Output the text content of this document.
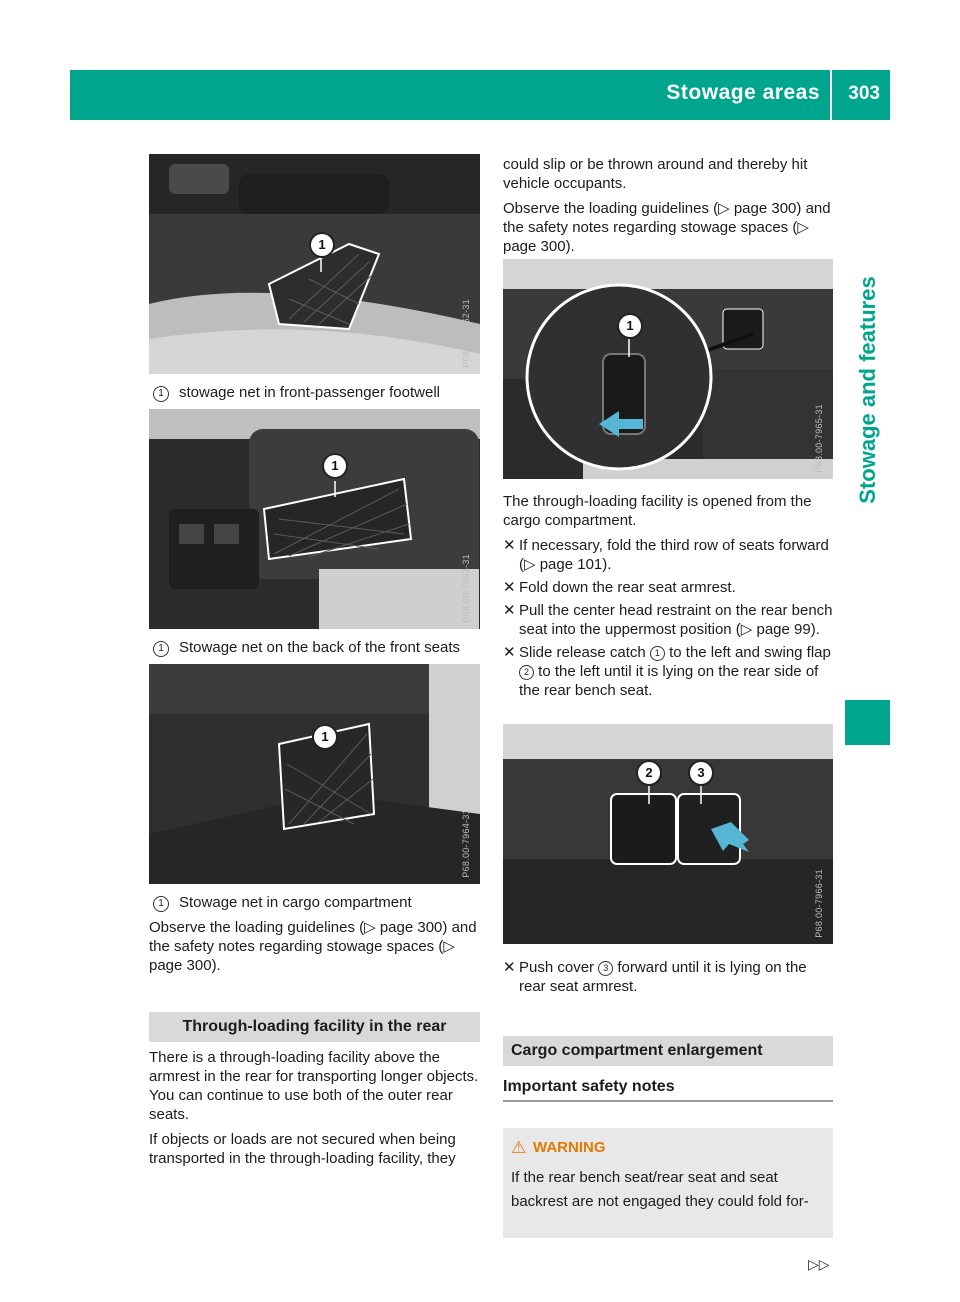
Stowage areas 303
Stowage and features
1
P68.00-7962-31
1 stowage net in front-passenger footwell
1
P68.00-7963-31
1 Stowage net on the back of the front seats
1
P68.00-7964-31
1 Stowage net in cargo compartment

Observe the loading guidelines (▷ page 300) and the safety notes regarding stowage spaces (▷ page 300).

Through-loading facility in the rear

There is a through-loading facility above the armrest in the rear for transporting longer objects. You can continue to use both of the outer rear seats.

If objects or loads are not secured when being transported in the through-loading facility, they

could slip or be thrown around and thereby hit vehicle occupants.

Observe the loading guidelines (▷ page 300) and the safety notes regarding stowage spaces (▷ page 300).

1
P68.00-7965-31

The through-loading facility is opened from the cargo compartment.

✕ If necessary, fold the third row of seats forward (▷ page 101).
✕ Fold down the rear seat armrest.
✕ Pull the center head restraint on the rear bench seat into the uppermost position (▷ page 99).
✕ Slide release catch 1 to the left and swing flap 2 to the left until it is lying on the rear side of the rear bench seat.
2	3
P68.00-7966-31
✕ Push cover 3 forward until it is lying on the rear seat armrest.
Cargo compartment enlargement
Important safety notes
⚠ WARNING
If the rear bench seat/rear seat and seat backrest are not engaged they could fold for-
▷▷
